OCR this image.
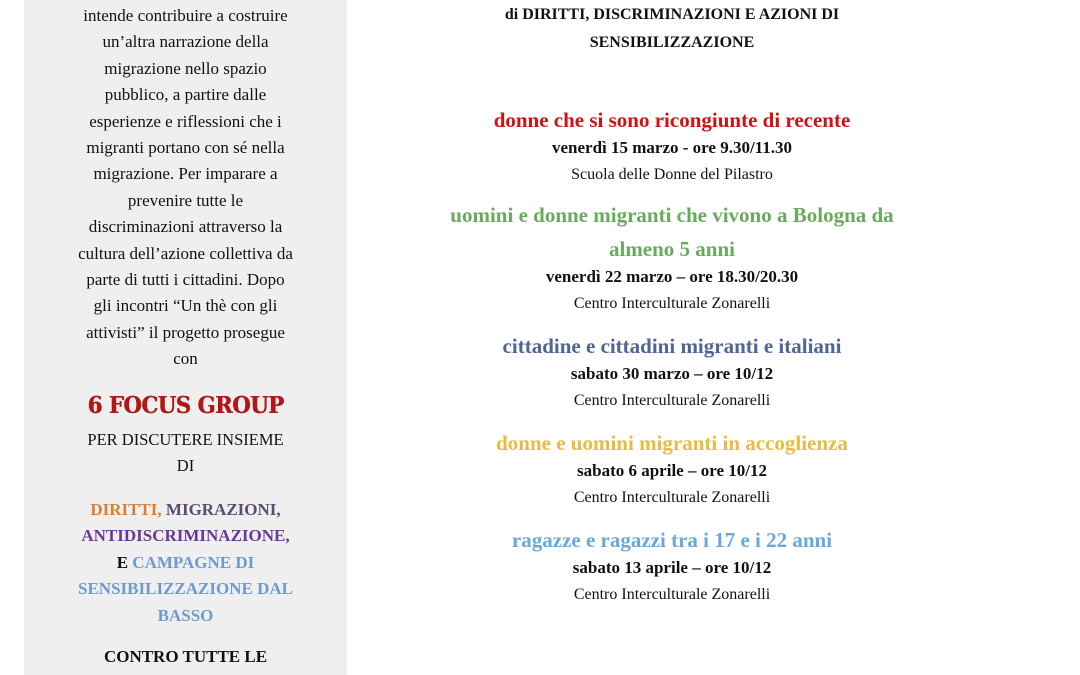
intende contribuire a costruire
un’altra narrazione della
migrazione nello spazio
pubblico, a partire dalle
esperienze e riflessioni che i
migranti portano con sé nella
migrazione. Per imparare a
prevenire tutte le
discriminazioni attraverso la
cultura dell’azione collettiva da
parte di tutti i cittadini. Dopo
gli incontri “Un thè con gli
attivisti” il progetto prosegue
con
6 FOCUS GROUP
PER DISCUTERE INSIEME
DI
DIRITTI, MIGRAZIONI,
ANTIDISCRIMINAZIONE,
E CAMPAGNE DI
SENSIBILIZZAZIONE DAL
BASSO
CONTRO TUTTE LE
di DIRITTI, DISCRIMINAZIONI E AZIONI DI
SENSIBILIZZAZIONE
donne che si sono ricongiunte di recente
venerdì 15 marzo - ore 9.30/11.30
Scuola delle Donne del Pilastro
uomini e donne migranti che vivono a Bologna da
almeno 5 anni
venerdì 22 marzo – ore 18.30/20.30
Centro Interculturale Zonarelli
cittadine e cittadini migranti e italiani
sabato 30 marzo – ore 10/12
Centro Interculturale Zonarelli
donne e uomini migranti in accoglienza
sabato 6 aprile – ore 10/12
Centro Interculturale Zonarelli
ragazze e ragazzi tra i 17 e i 22 anni
sabato 13 aprile – ore 10/12
Centro Interculturale Zonarelli
